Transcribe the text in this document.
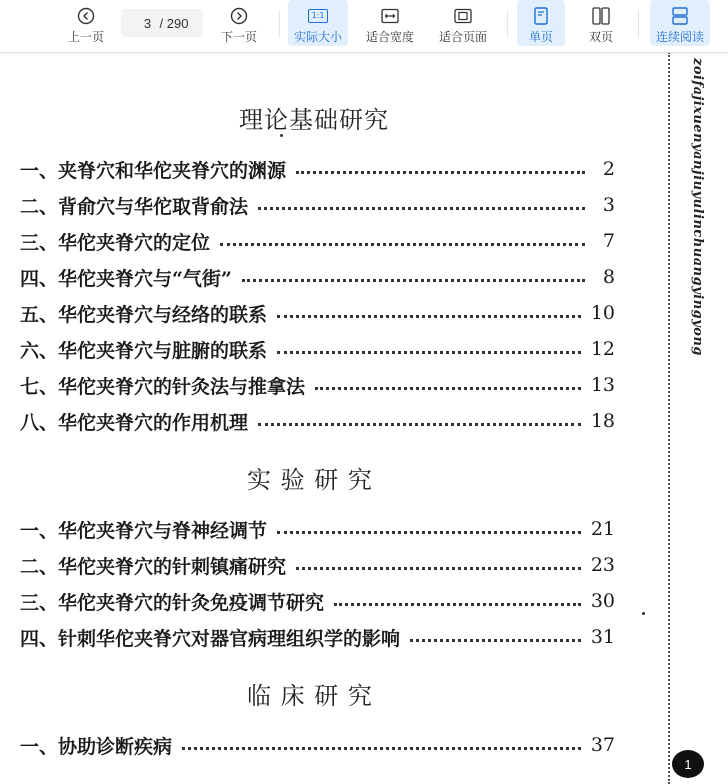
上一页
3 / 290
下一页
1:1
实际大小 适合宽度 适合页面	单页	双页	连续阅读
理论基础研究
一、夹脊穴和华佗夹脊穴的渊源	2
二、背俞穴与华佗取背俞法	3
三、华佗夹脊穴的定位	7
四、华佗夹脊穴与“气街”	8
五、华佗夹脊穴与经络的联系	10
六、华佗夹脊穴与脏腑的联系	12
七、华佗夹脊穴的针灸法与推拿法	13
八、华佗夹脊穴的作用机理	18
实 验 研 究
一、华佗夹脊穴与脊神经调节	21
二、华佗夹脊穴的针刺镇痛研究	23
三、华佗夹脊穴的针灸免疫调节研究	30
四、针刺华佗夹脊穴对器官病理组织学的影响	31
临 床 研 究
一、协助诊断疾病	37
zoifajixuenyanjiuyulinchuangyingyong
1
